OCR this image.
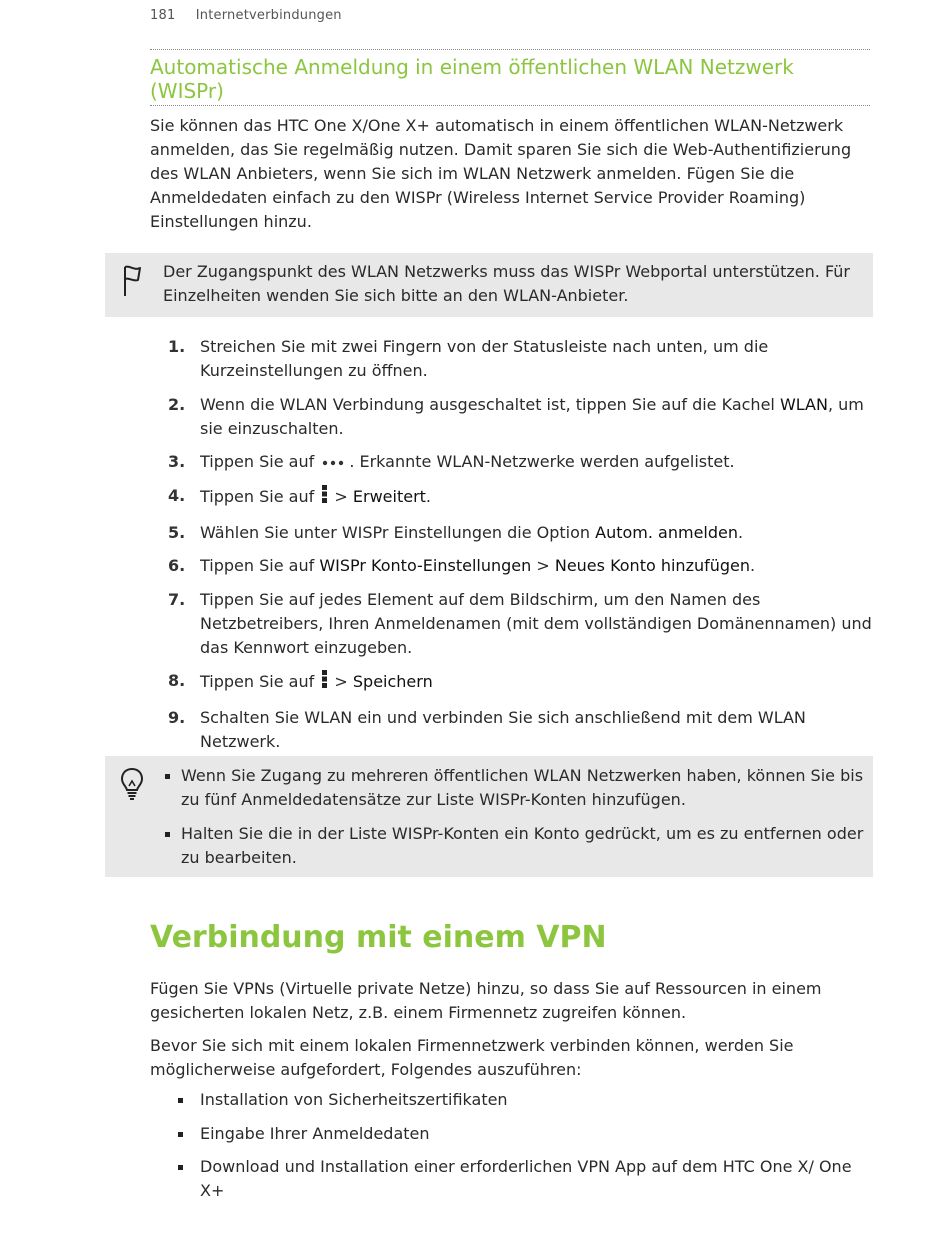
181 Internetverbindungen
Automatische Anmeldung in einem öffentlichen WLAN Netzwerk (WISPr)

Sie können das HTC One X/One X+ automatisch in einem öffentlichen WLAN-Netzwerk anmelden, das Sie regelmäßig nutzen. Damit sparen Sie sich die Web-Authentifizierung des WLAN Anbieters, wenn Sie sich im WLAN Netzwerk anmelden. Fügen Sie die Anmeldedaten einfach zu den WISPr (Wireless Internet Service Provider Roaming) Einstellungen hinzu.

Der Zugangspunkt des WLAN Netzwerks muss das WISPr Webportal unterstützen. Für Einzelheiten wenden Sie sich bitte an den WLAN-Anbieter.

1. Streichen Sie mit zwei Fingern von der Statusleiste nach unten, um die Kurzeinstellungen zu öffnen.
2. Wenn die WLAN Verbindung ausgeschaltet ist, tippen Sie auf die Kachel WLAN, um sie einzuschalten.
3. Tippen Sie auf . Erkannte WLAN-Netzwerke werden aufgelistet.
4. Tippen Sie auf  > Erweitert.
5. Wählen Sie unter WISPr Einstellungen die Option Autom. anmelden.
6. Tippen Sie auf WISPr Konto-Einstellungen > Neues Konto hinzufügen.
7. Tippen Sie auf jedes Element auf dem Bildschirm, um den Namen des Netzbetreibers, Ihren Anmeldenamen (mit dem vollständigen Domänennamen) und das Kennwort einzugeben.
8. Tippen Sie auf  > Speichern
9. Schalten Sie WLAN ein und verbinden Sie sich anschließend mit dem WLAN Netzwerk.
Wenn Sie Zugang zu mehreren öffentlichen WLAN Netzwerken haben, können Sie bis zu fünf Anmeldedatensätze zur Liste WISPr-Konten hinzufügen.
Halten Sie die in der Liste WISPr-Konten ein Konto gedrückt, um es zu entfernen oder zu bearbeiten.
Verbindung mit einem VPN

Fügen Sie VPNs (Virtuelle private Netze) hinzu, so dass Sie auf Ressourcen in einem gesicherten lokalen Netz, z.B. einem Firmennetz zugreifen können.

Bevor Sie sich mit einem lokalen Firmennetzwerk verbinden können, werden Sie möglicherweise aufgefordert, Folgendes auszuführen:

Installation von Sicherheitszertifikaten
Eingabe Ihrer Anmeldedaten
Download und Installation einer erforderlichen VPN App auf dem HTC One X/ One X+
